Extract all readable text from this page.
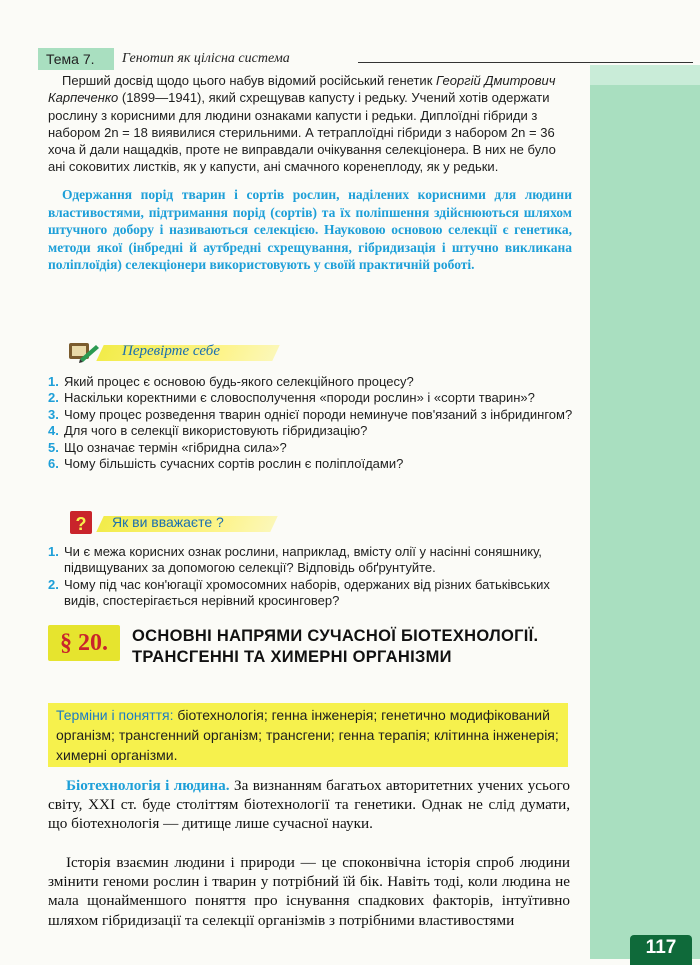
117
Тема 7.	Генотип як цілісна система

Перший досвід щодо цього набув відомий російський генетик Георгій Дмитрович Карпеченко (1899—1941), який схрещував капусту і редьку. Учений хотів одержати рослину з корисними для людини ознаками капусти і редьки. Диплоїдні гібриди з набором 2n = 18 виявилися стерильними. А тетраплоїдні гібриди з набором 2n = 36 хоча й дали нащадків, проте не виправдали очікування селекціонера. В них не було ані соковитих листків, як у капусти, ані смачного коренеплоду, як у редьки.

Одержання порід тварин і сортів рослин, наділених корисними для людини властивостями, підтримання порід (сортів) та їх поліпшення здійснюються шляхом штучного добору і називаються селекцією. Науковою основою селекції є генетика, методи якої (інбредні й аутбредні схрещування, гібридизація і штучно викликана поліплоїдія) селекціонери використовують у своїй практичній роботі.

Перевірте себе
1. Який процес є основою будь-якого селекційного процесу?
2. Наскільки коректними є словосполучення «породи рослин» і «сорти тварин»?
3. Чому процес розведення тварин однієї породи неминуче пов'язаний з інбридингом?
4. Для чого в селекції використовують гібридизацію?
5. Що означає термін «гібридна сила»?
6. Чому більшість сучасних сортів рослин є поліплоїдами?
? Як ви вважаєте ?
1. Чи є межа корисних ознак рослини, наприклад, вмісту олії у насінні соняшнику, підвищуваних за допомогою селекції? Відповідь обґрунтуйте.
2. Чому під час кон'югації хромосомних наборів, одержаних від різних батьківських видів, спостерігається нерівний кросинговер?
§ 20.	ОСНОВНІ НАПРЯМИ СУЧАСНОЇ БІОТЕХНОЛОГІЇ. ТРАНСГЕННІ ТА ХИМЕРНІ ОРГАНІЗМИ
Терміни і поняття: біотехнологія; генна інженерія; генетично модифікований організм; трансгенний організм; трансгени; генна терапія; клітинна інженерія; химерні організми.

Біотехнологія і людина. За визнанням багатьох авторитетних учених усього світу, XXI ст. буде століттям біотехнології та генетики. Однак не слід думати, що біотехнологія — дитище лише сучасної науки.

Історія взаємин людини і природи — це споконвічна історія спроб людини змінити геноми рослин і тварин у потрібний їй бік. Навіть тоді, коли людина не мала щонайменшого поняття про існування спадкових факторів, інтуїтивно шляхом гібридизації та селекції організмів з потрібними властивостями
